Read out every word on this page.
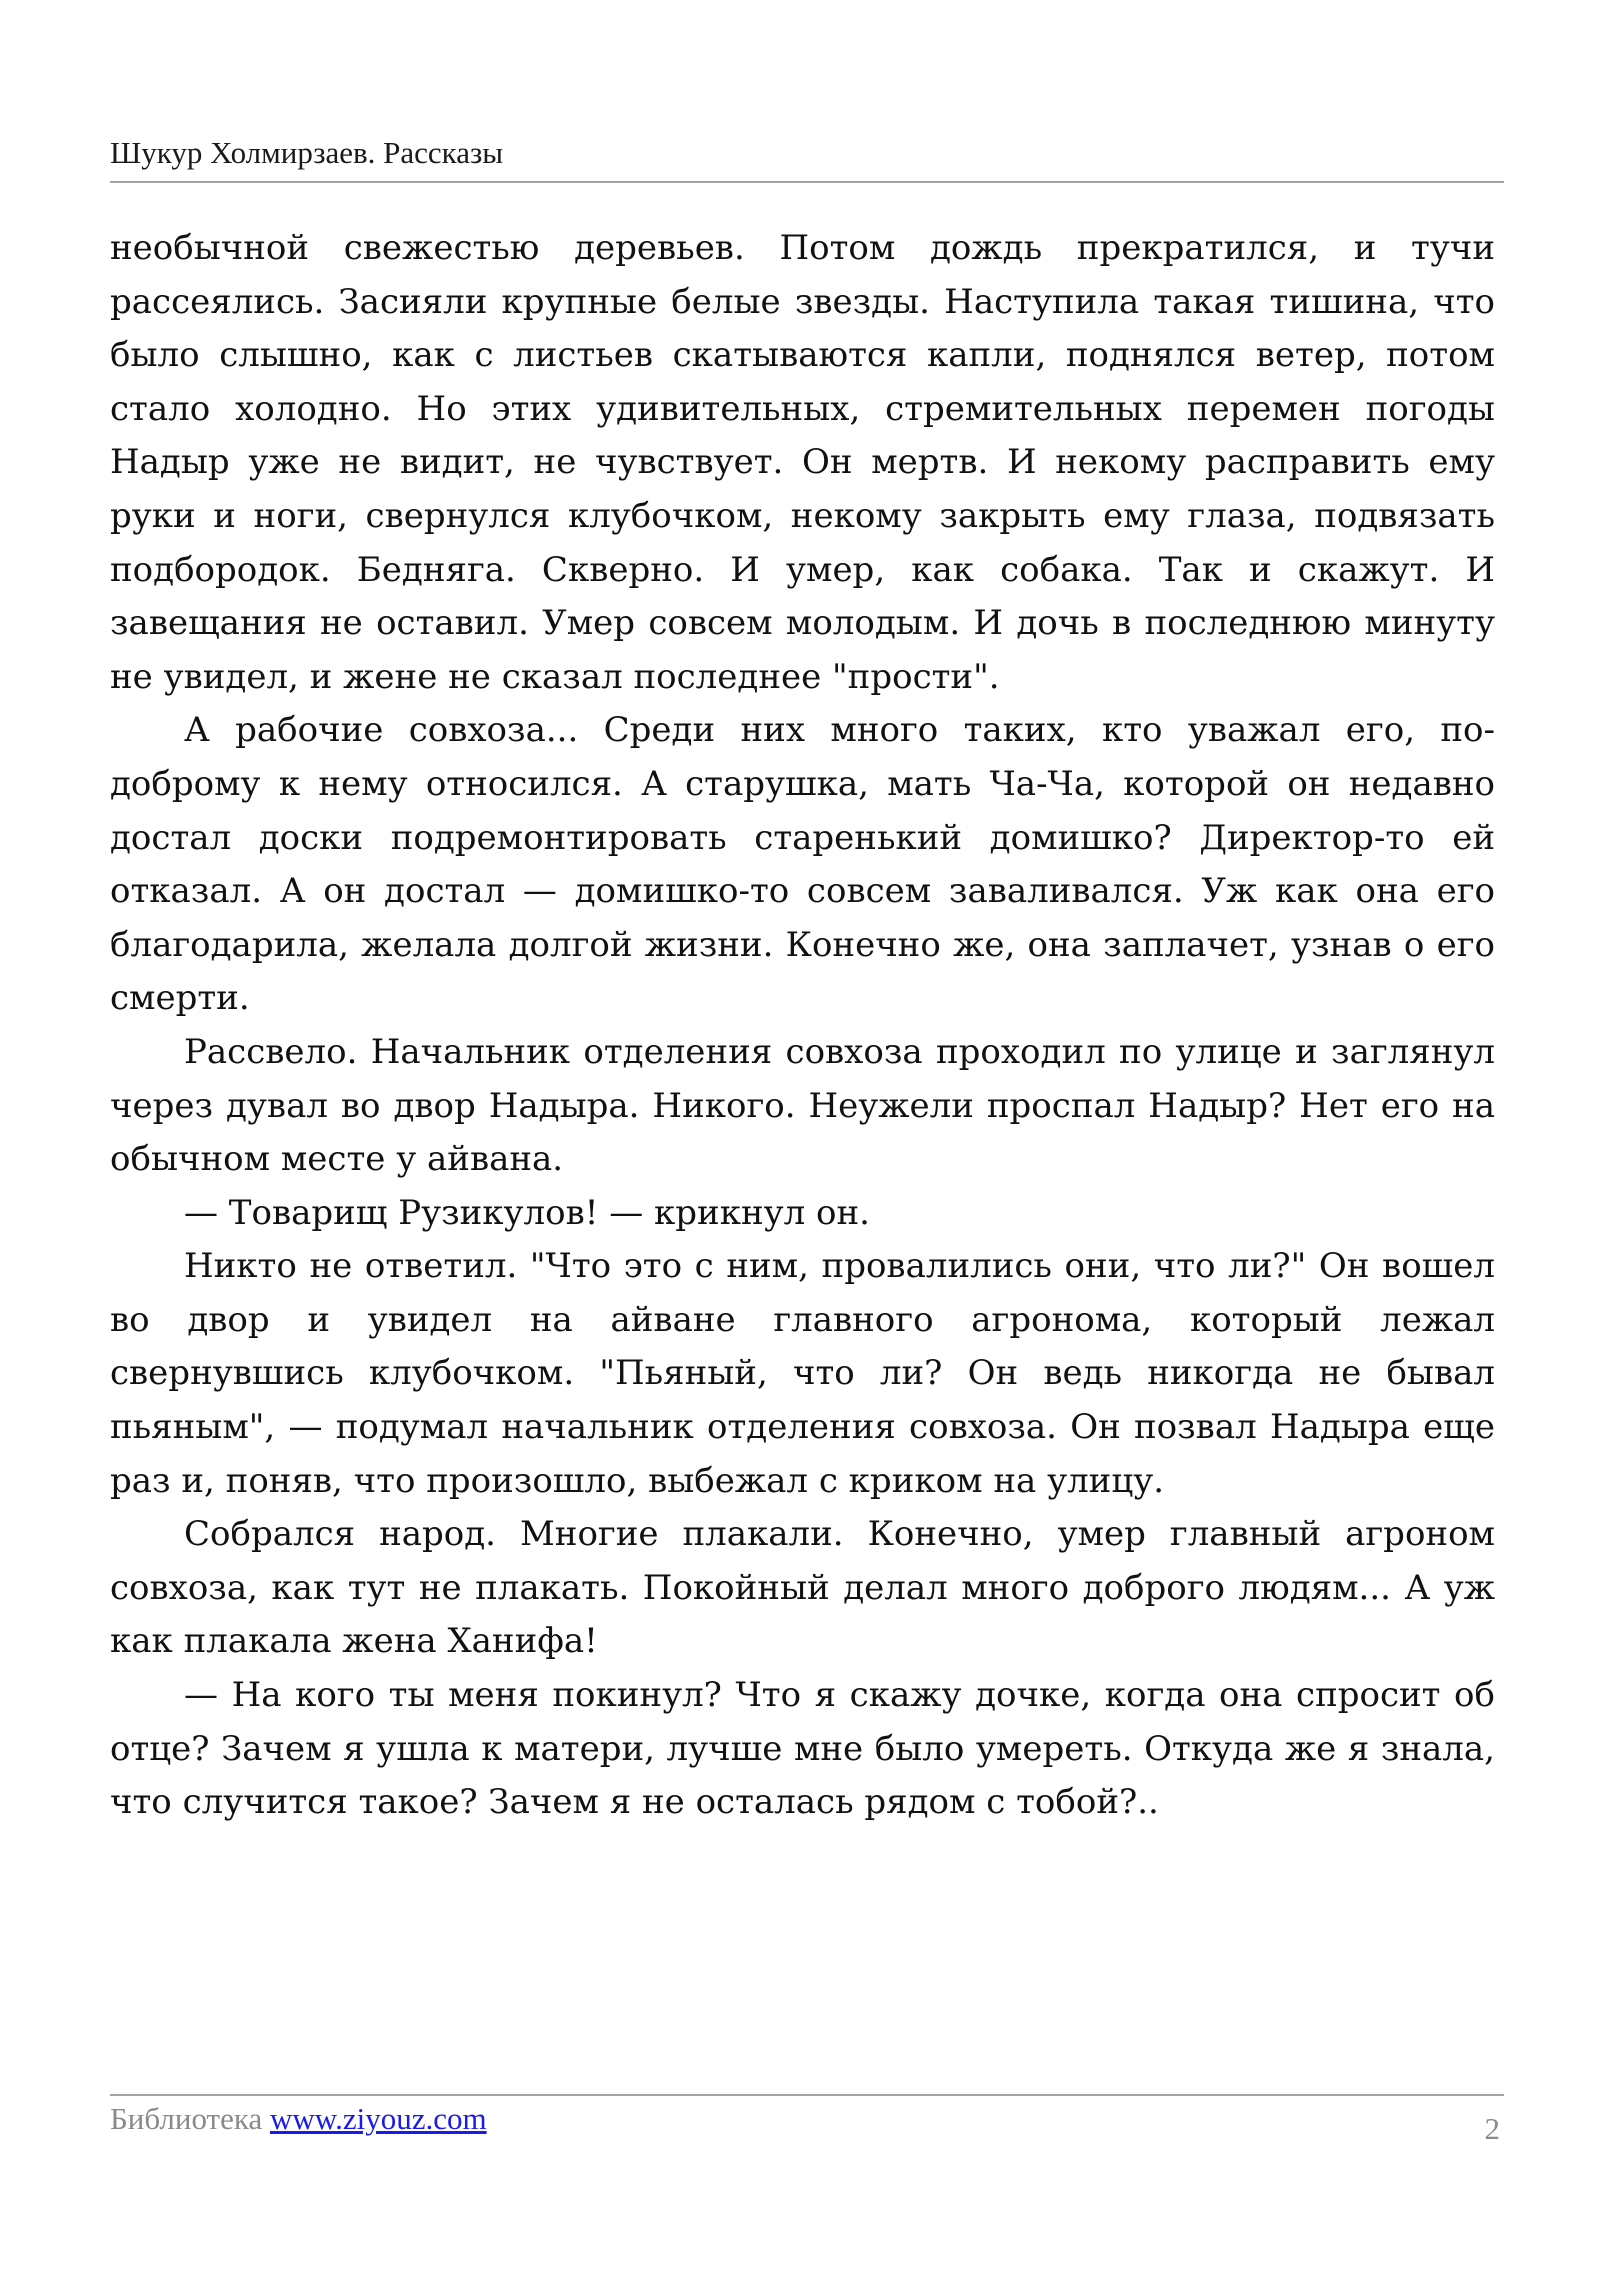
Шукур Холмирзаев. Рассказы

необычной свежестью деревьев. Потом дождь прекратился, и тучи рассеялись. Засияли крупные белые звезды. Наступила такая тишина, что было слышно, как с листьев скатываются капли, поднялся ветер, потом стало холодно. Но этих удивительных, стремительных перемен погоды Надыр уже не видит, не чувствует. Он мертв. И некому расправить ему руки и ноги, свернулся клубочком, некому закрыть ему глаза, подвязать подбородок. Бедняга. Скверно. И умер, как собака. Так и скажут. И завещания не оставил. Умер совсем молодым. И дочь в последнюю минуту не увидел, и жене не сказал последнее "прости".

А рабочие совхоза... Среди них много таких, кто уважал его, по-доброму к нему относился. А старушка, мать Ча-Ча, которой он недавно достал доски подремонтировать старенький домишко? Директор-то ей отказал. А он достал — домишко-то совсем заваливался. Уж как она его благодарила, желала долгой жизни. Конечно же, она заплачет, узнав о его смерти.

Рассвело. Начальник отделения совхоза проходил по улице и заглянул через дувал во двор Надыра. Никого. Неужели проспал Надыр? Нет его на обычном месте у айвана.

— Товарищ Рузикулов! — крикнул он.

Никто не ответил. "Что это с ним, провалились они, что ли?" Он вошел во двор и увидел на айване главного агронома, который лежал свернувшись клубочком. "Пьяный, что ли? Он ведь никогда не бывал пьяным", — подумал начальник отделения совхоза. Он позвал Надыра еще раз и, поняв, что произошло, выбежал с криком на улицу.

Собрался народ. Многие плакали. Конечно, умер главный агроном совхоза, как тут не плакать. Покойный делал много доброго людям... А уж как плакала жена Ханифа!

— На кого ты меня покинул? Что я скажу дочке, когда она спросит об отце? Зачем я ушла к матери, лучше мне было умереть. Откуда же я знала, что случится такое? Зачем я не осталась рядом с тобой?..

Библиотека www.ziyouz.com	2
